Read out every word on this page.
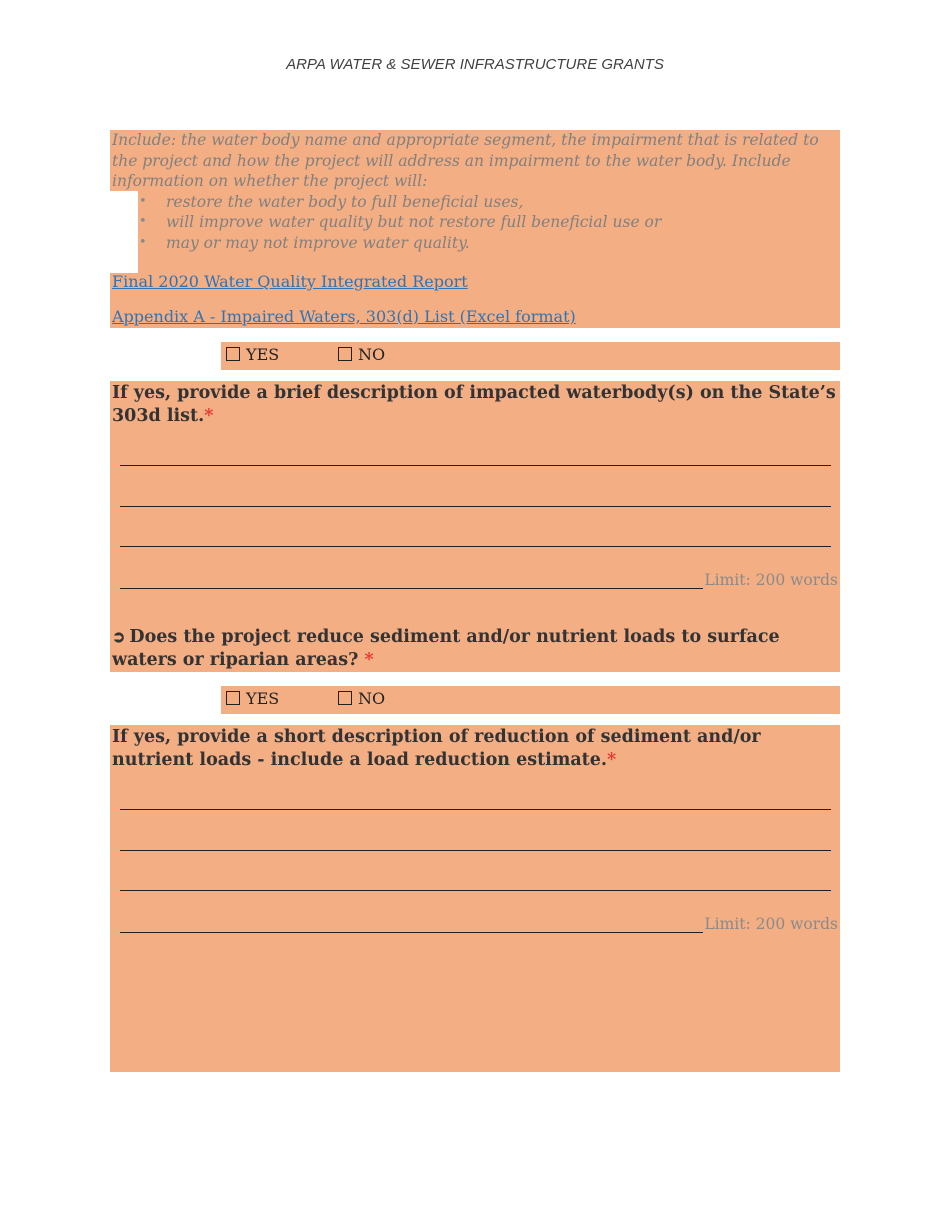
ARPA WATER & SEWER INFRASTRUCTURE GRANTS

Include: the water body name and appropriate segment, the impairment that is related to the project and how the project will address an impairment to the water body. Include information on whether the project will:

• restore the water body to full beneficial uses,
• will improve water quality but not restore full beneficial use or
• may or may not improve water quality.
Final 2020 Water Quality Integrated Report
Appendix A - Impaired Waters, 303(d) List (Excel format)
YES	NO
If yes, provide a brief description of impacted waterbody(s) on the State’s 303d list.*
Limit: 200 words
➲ Does the project reduce sediment and/or nutrient loads to surface waters or riparian areas? *
YES	NO
If yes, provide a short description of reduction of sediment and/or nutrient loads - include a load reduction estimate.*
Limit: 200 words
